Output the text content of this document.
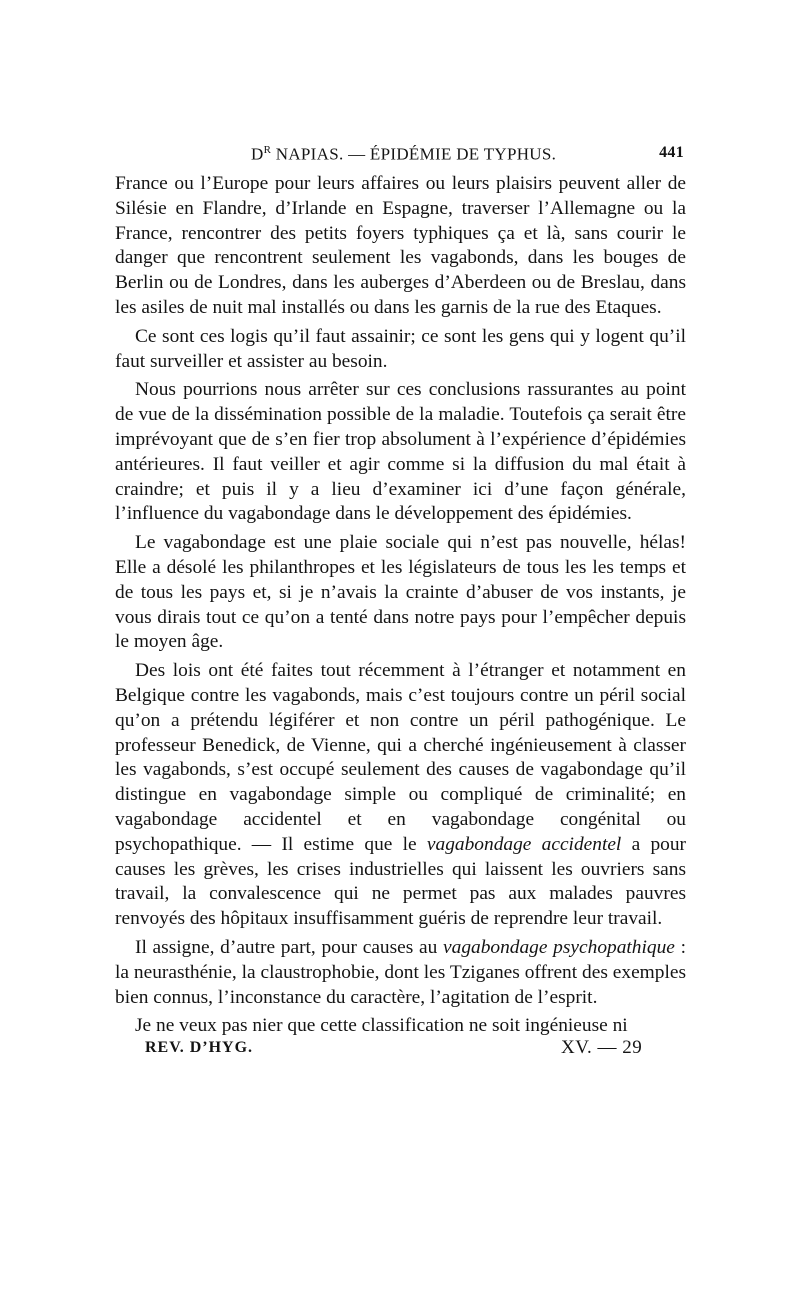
$D^R$ NAPIAS. — ÉPIDÉMIE DE TYPHUS.	441

France ou l’Europe pour leurs affaires ou leurs plaisirs peuvent aller de Silésie en Flandre, d’Irlande en Espagne, traverser l’Allemagne ou la France, rencontrer des petits foyers typhiques ça et là, sans courir le danger que rencontrent seulement les vagabonds, dans les bouges de Berlin ou de Londres, dans les auberges d’Aberdeen ou de Breslau, dans les asiles de nuit mal installés ou dans les garnis de la rue des Etaques.

Ce sont ces logis qu’il faut assainir; ce sont les gens qui y logent qu’il faut surveiller et assister au besoin.

Nous pourrions nous arrêter sur ces conclusions rassurantes au point de vue de la dissémination possible de la maladie. Toutefois ça serait être imprévoyant que de s’en fier trop absolument à l’expérience d’épidémies antérieures. Il faut veiller et agir comme si la diffusion du mal était à craindre; et puis il y a lieu d’examiner ici d’une façon générale, l’influence du vagabondage dans le développement des épidémies.

Le vagabondage est une plaie sociale qui n’est pas nouvelle, hélas! Elle a désolé les philanthropes et les législateurs de tous les les temps et de tous les pays et, si je n’avais la crainte d’abuser de vos instants, je vous dirais tout ce qu’on a tenté dans notre pays pour l’empêcher depuis le moyen âge.

Des lois ont été faites tout récemment à l’étranger et notamment en Belgique contre les vagabonds, mais c’est toujours contre un péril social qu’on a prétendu légiférer et non contre un péril pathogénique. Le professeur Benedick, de Vienne, qui a cherché ingénieusement à classer les vagabonds, s’est occupé seulement des causes de vagabondage qu’il distingue en vagabondage simple ou compliqué de criminalité; en vagabondage accidentel et en vagabondage congénital ou psychopathique. — Il estime que le vagabondage accidentel a pour causes les grèves, les crises industrielles qui laissent les ouvriers sans travail, la convalescence qui ne permet pas aux malades pauvres renvoyés des hôpitaux insuffisamment guéris de reprendre leur travail.

Il assigne, d’autre part, pour causes au vagabondage psychopathique : la neurasthénie, la claustrophobie, dont les Tziganes offrent des exemples bien connus, l’inconstance du caractère, l’agitation de l’esprit.

Je ne veux pas nier que cette classification ne soit ingénieuse ni

REV. D’HYG.	XV. — 29
